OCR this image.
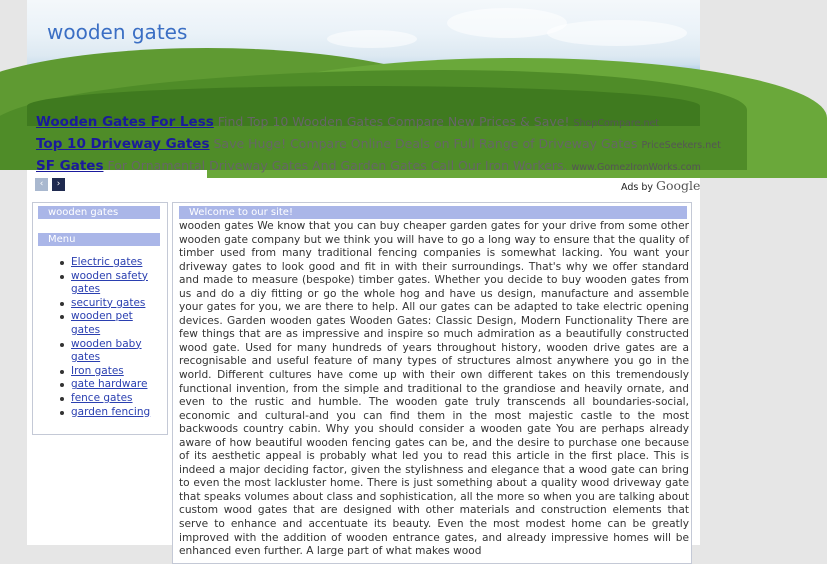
wooden gates
Wooden Gates For Less Find Top 10 Wooden Gates Compare New Prices & Save! ShopCompare.net
Top 10 Driveway Gates Save Huge! Compare Online Deals on Full Range of Driveway Gates PriceSeekers.net
SF Gates For Ornamental Driveway Gates And Garden Gates Call Our Iron Workers. www.GomezIronWorks.com
‹	›	Ads by Google
wooden gates
Menu
Electric gates
wooden safety gates
security gates
wooden pet gates
wooden baby gates
Iron gates
gate hardware
fence gates
garden fencing
Welcome to our site!
wooden gates We know that you can buy cheaper garden gates for your drive from some other wooden gate company but we think you will have to go a long way to ensure that the quality of timber used from many traditional fencing companies is somewhat lacking. You want your driveway gates to look good and fit in with their surroundings. That's why we offer standard and made to measure (bespoke) timber gates. Whether you decide to buy wooden gates from us and do a diy fitting or go the whole hog and have us design, manufacture and assemble your gates for you, we are there to help. All our gates can be adapted to take electric opening devices. Garden wooden gates Wooden Gates: Classic Design, Modern Functionality There are few things that are as impressive and inspire so much admiration as a beautifully constructed wood gate. Used for many hundreds of years throughout history, wooden drive gates are a recognisable and useful feature of many types of structures almost anywhere you go in the world. Different cultures have come up with their own different takes on this tremendously functional invention, from the simple and traditional to the grandiose and heavily ornate, and even to the rustic and humble. The wooden gate truly transcends all boundaries-social, economic and cultural-and you can find them in the most majestic castle to the most backwoods country cabin. Why you should consider a wooden gate You are perhaps already aware of how beautiful wooden fencing gates can be, and the desire to purchase one because of its aesthetic appeal is probably what led you to read this article in the first place. This is indeed a major deciding factor, given the stylishness and elegance that a wood gate can bring to even the most lackluster home. There is just something about a quality wood driveway gate that speaks volumes about class and sophistication, all the more so when you are talking about custom wood gates that are designed with other materials and construction elements that serve to enhance and accentuate its beauty. Even the most modest home can be greatly improved with the addition of wooden entrance gates, and already impressive homes will be enhanced even further. A large part of what makes wood
